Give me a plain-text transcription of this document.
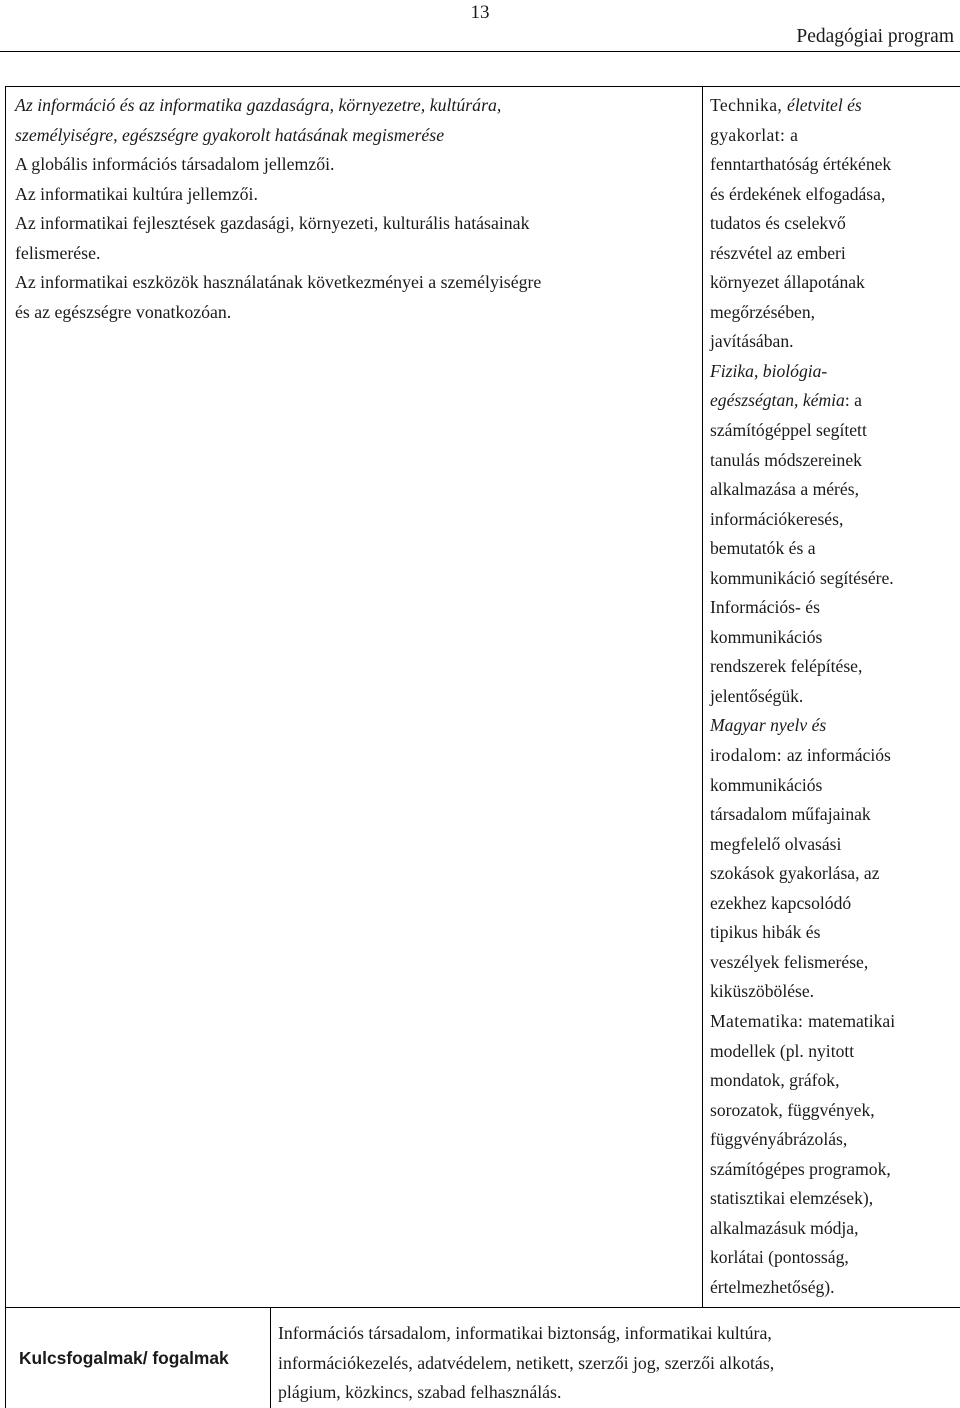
13
Pedagógiai program
Az információ és az informatika gazdaságra, környezetre, kultúrára,
személyiségre, egészségre gyakorolt hatásának megismerése
A globális információs társadalom jellemzői.
Az informatikai kultúra jellemzői.
Az informatikai fejlesztések gazdasági, környezeti, kulturális hatásainak
felismerése.
Az informatikai eszközök használatának következményei a személyiségre
és az egészségre vonatkozóan.
Technika, életvitel és
gyakorlat: a
fenntarthatóság értékének
és érdekének elfogadása,
tudatos és cselekvő
részvétel az emberi
környezet állapotának
megőrzésében,
javításában.
Fizika, biológia-
egészségtan, kémia: a
számítógéppel segített
tanulás módszereinek
alkalmazása a mérés,
információkeresés,
bemutatók és a
kommunikáció segítésére.
Információs- és
kommunikációs
rendszerek felépítése,
jelentőségük.
Magyar nyelv és
irodalom: az információs
kommunikációs
társadalom műfajainak
megfelelő olvasási
szokások gyakorlása, az
ezekhez kapcsolódó
tipikus hibák és
veszélyek felismerése,
kiküszöbölése.
Matematika: matematikai
modellek (pl. nyitott
mondatok, gráfok,
sorozatok, függvények,
függvényábrázolás,
számítógépes programok,
statisztikai elemzések),
alkalmazásuk módja,
korlátai (pontosság,
értelmezhetőség).
Kulcsfogalmak/ fogalmak
Információs társadalom, informatikai biztonság, informatikai kultúra,
információkezelés, adatvédelem, netikett, szerzői jog, szerzői alkotás,
plágium, közkincs, szabad felhasználás.
